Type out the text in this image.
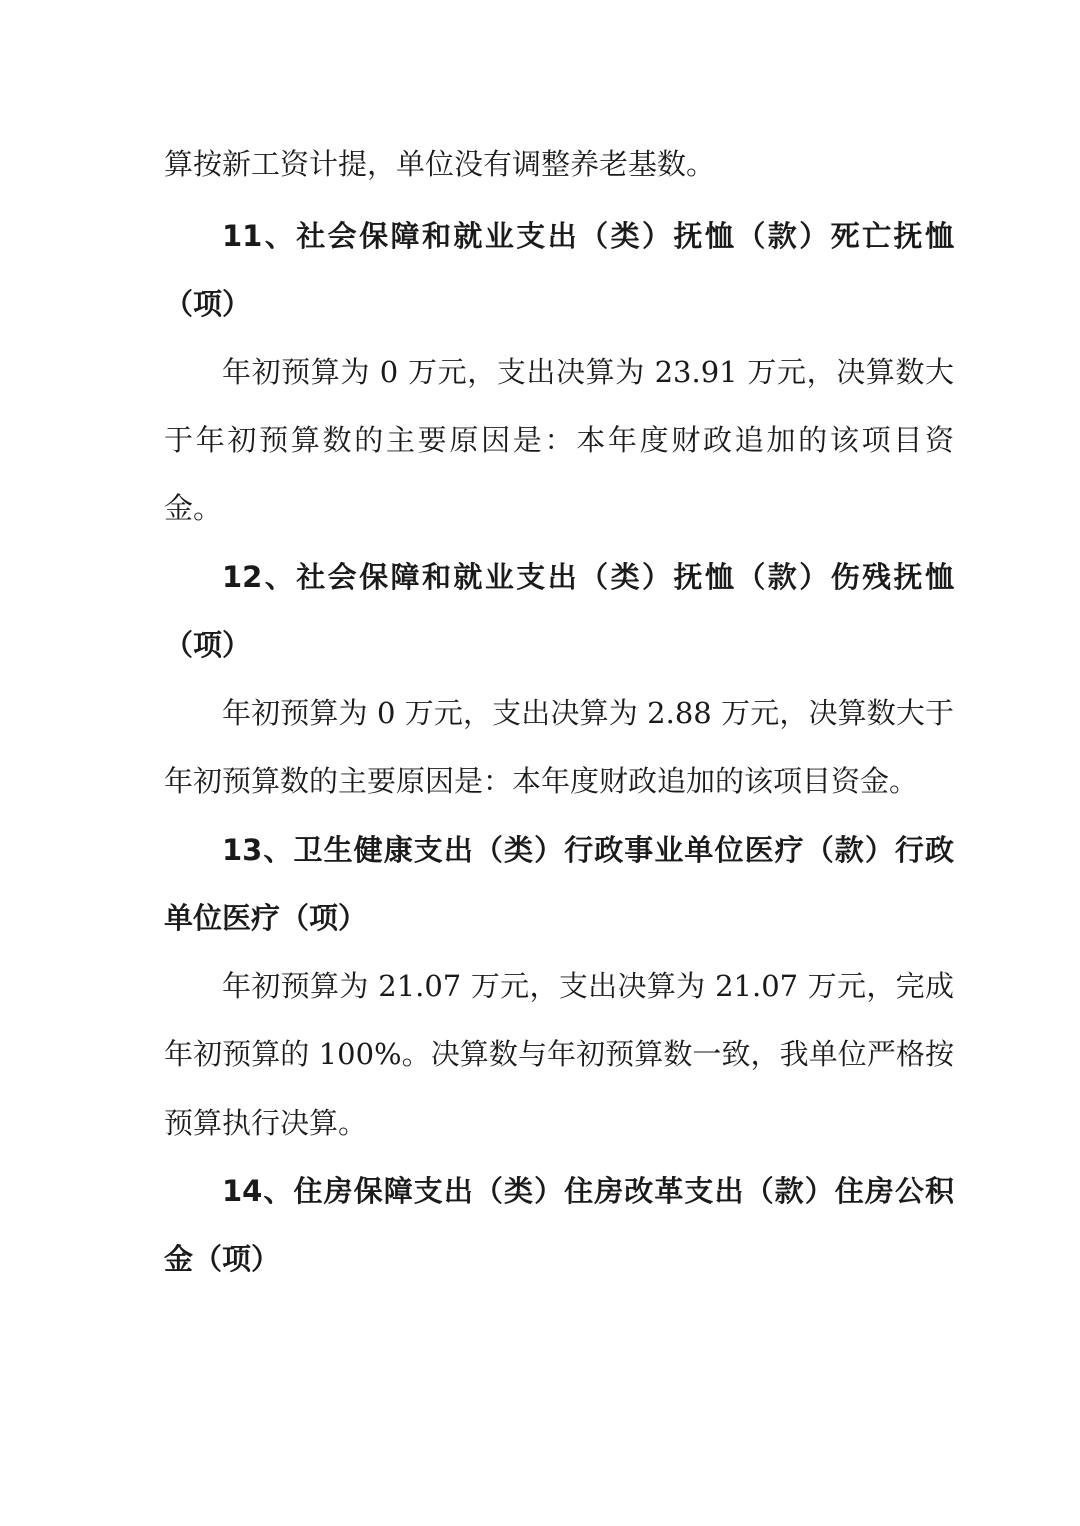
算按新工资计提，单位没有调整养老基数。

11、社会保障和就业支出（类）抚恤（款）死亡抚恤

（项）

年初预算为 0 万元，支出决算为 23.91 万元，决算数大

于年初预算数的主要原因是：本年度财政追加的该项目资

金。

12、社会保障和就业支出（类）抚恤（款）伤残抚恤

（项）

年初预算为 0 万元，支出决算为 2.88 万元，决算数大于

年初预算数的主要原因是：本年度财政追加的该项目资金。

13、卫生健康支出（类）行政事业单位医疗（款）行政

单位医疗（项）

年初预算为 21.07 万元，支出决算为 21.07 万元，完成

年初预算的 100%。决算数与年初预算数一致，我单位严格按

预算执行决算。

14、住房保障支出（类）住房改革支出（款）住房公积

金（项）
